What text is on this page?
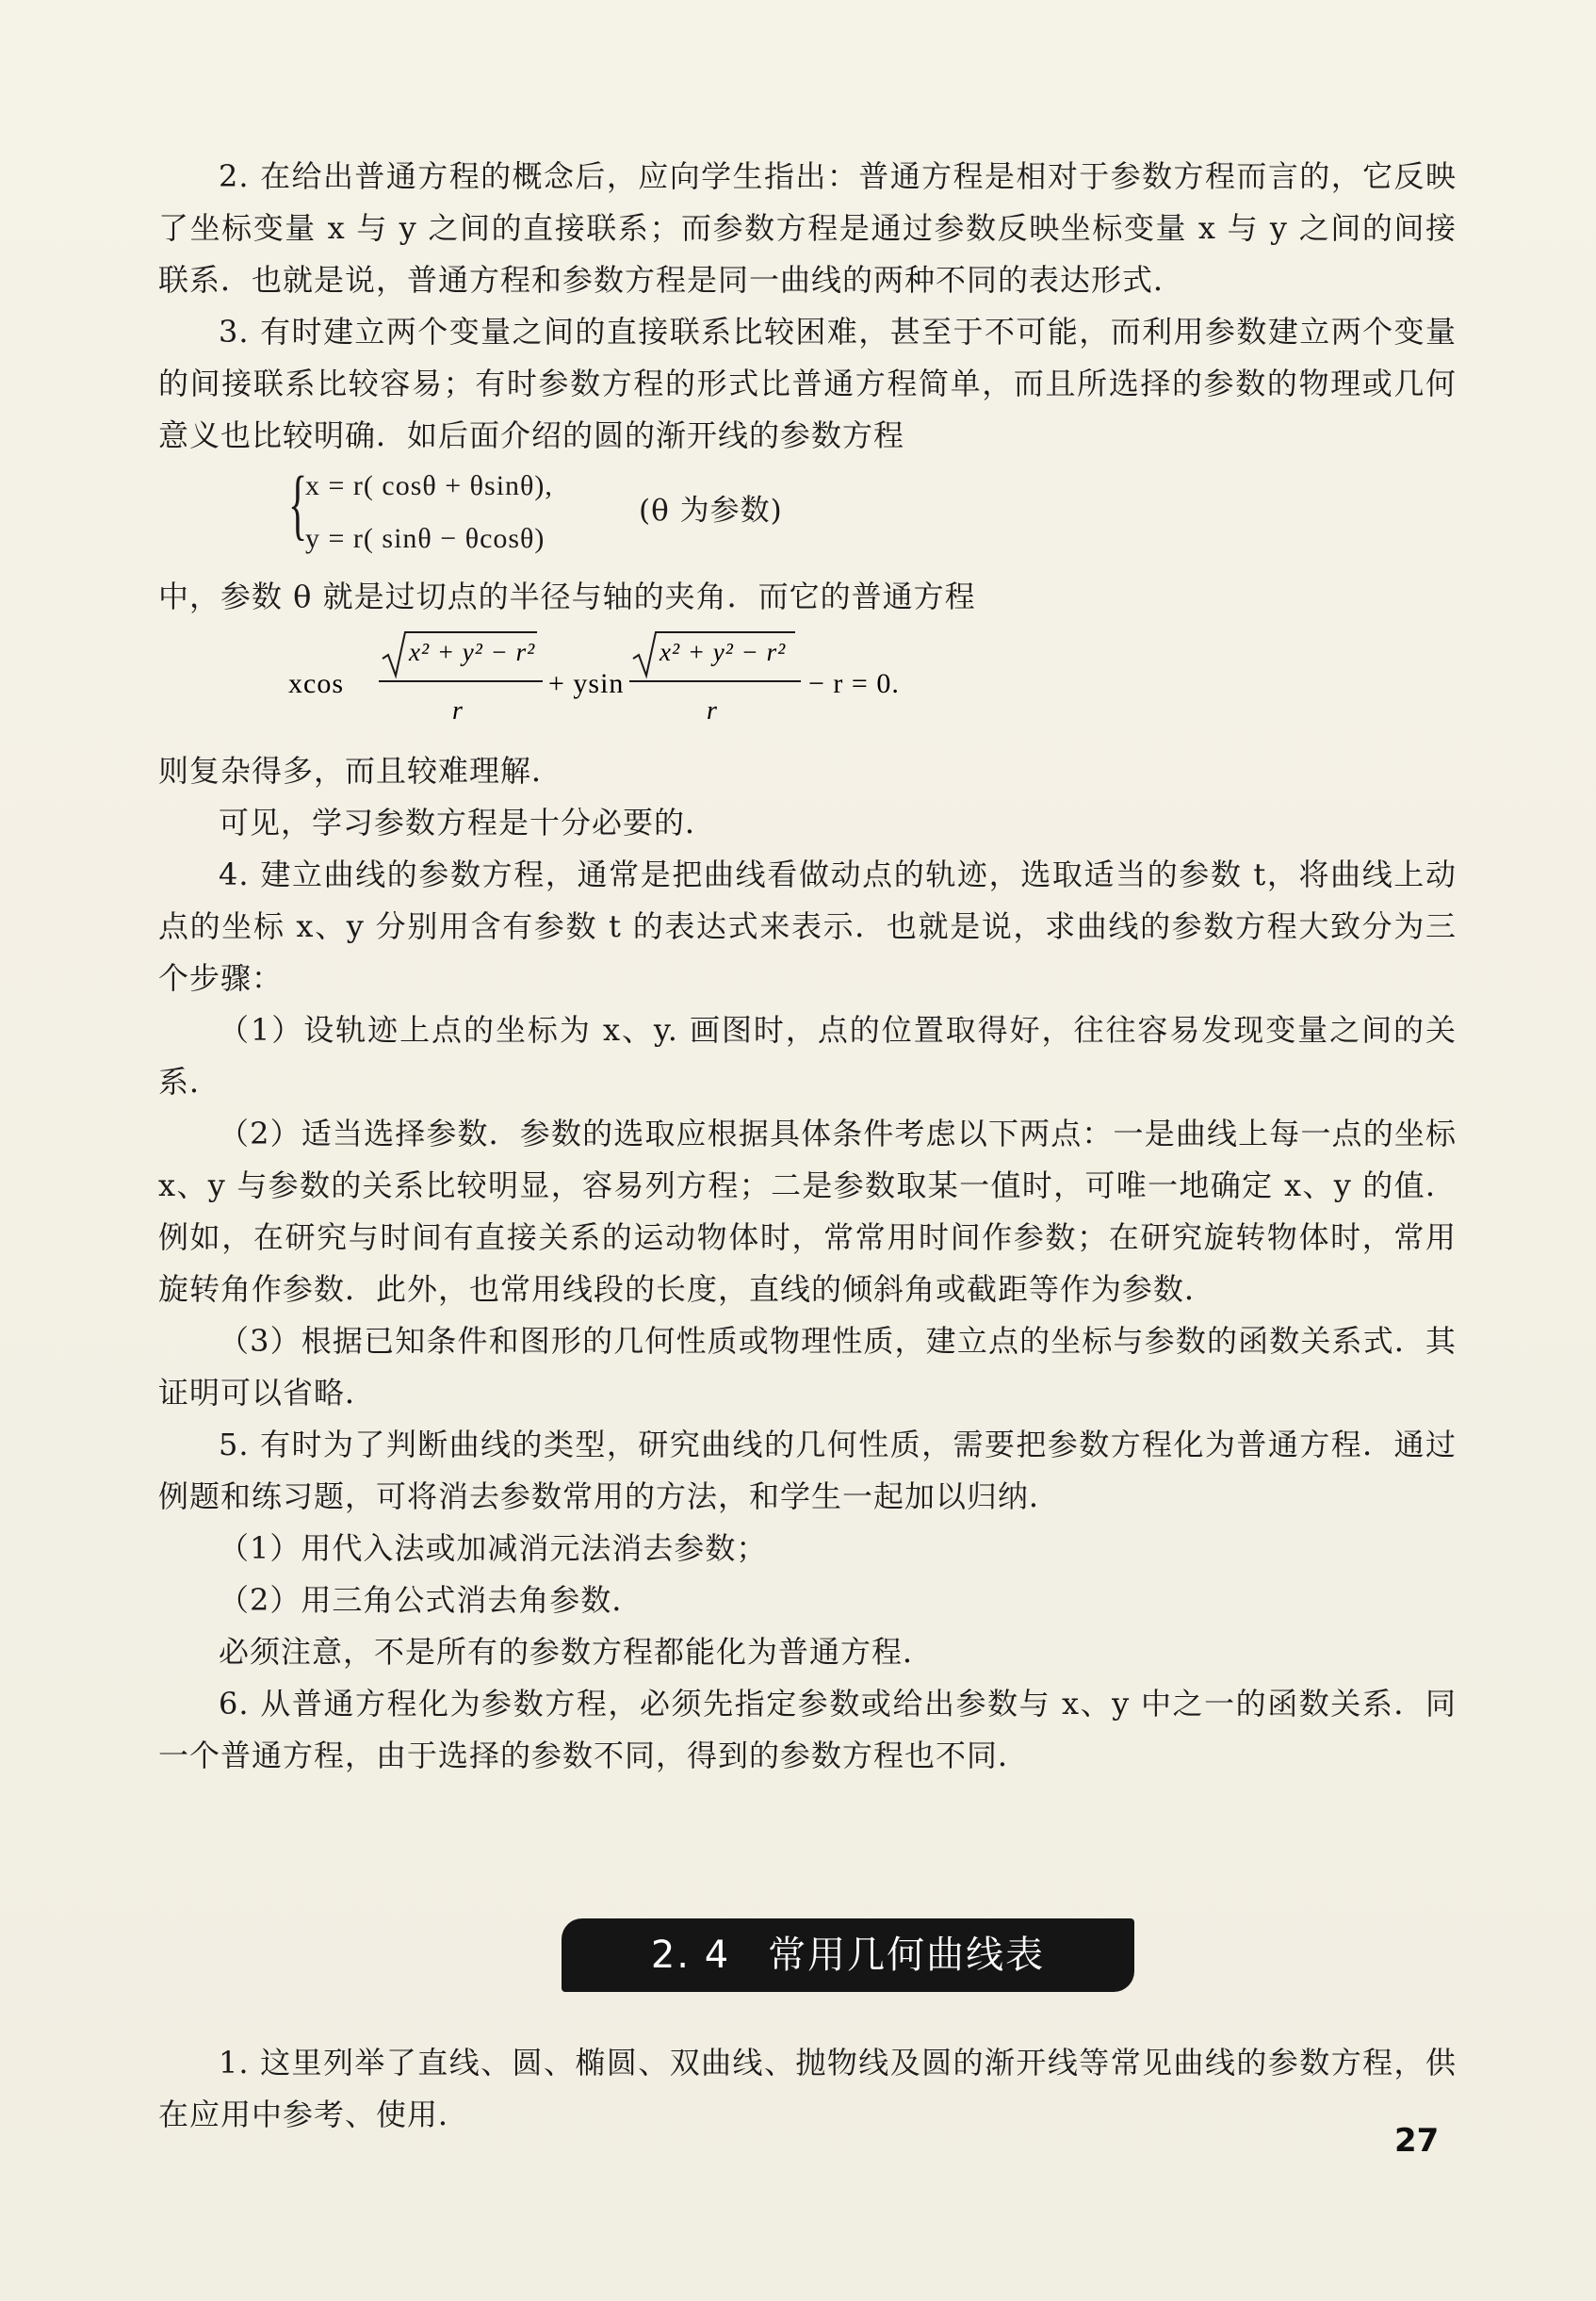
2. 在给出普通方程的概念后，应向学生指出：普通方程是相对于参数方程而言的，它反映了坐标变量 x 与 y 之间的直接联系；而参数方程是通过参数反映坐标变量 x 与 y 之间的间接联系．也就是说，普通方程和参数方程是同一曲线的两种不同的表达形式．

3. 有时建立两个变量之间的直接联系比较困难，甚至于不可能，而利用参数建立两个变量的间接联系比较容易；有时参数方程的形式比普通方程简单，而且所选择的参数的物理或几何意义也比较明确．如后面介绍的圆的渐开线的参数方程

{
x = r( cosθ + θsinθ),
y = r( sinθ − θcosθ)
(θ 为参数)

中，参数 θ 就是过切点的半径与轴的夹角．而它的普通方程

xcos
x² + y² − r²
r
+ ysin
x² + y² − r²
r
− r = 0.

则复杂得多，而且较难理解．

可见，学习参数方程是十分必要的．

4. 建立曲线的参数方程，通常是把曲线看做动点的轨迹，选取适当的参数 t，将曲线上动点的坐标 x、y 分别用含有参数 t 的表达式来表示．也就是说，求曲线的参数方程大致分为三个步骤：

（1）设轨迹上点的坐标为 x、y. 画图时，点的位置取得好，往往容易发现变量之间的关系．

（2）适当选择参数．参数的选取应根据具体条件考虑以下两点：一是曲线上每一点的坐标 x、y 与参数的关系比较明显，容易列方程；二是参数取某一值时，可唯一地确定 x、y 的值．例如，在研究与时间有直接关系的运动物体时，常常用时间作参数；在研究旋转物体时，常用旋转角作参数．此外，也常用线段的长度，直线的倾斜角或截距等作为参数．

（3）根据已知条件和图形的几何性质或物理性质，建立点的坐标与参数的函数关系式．其证明可以省略．

5. 有时为了判断曲线的类型，研究曲线的几何性质，需要把参数方程化为普通方程．通过例题和练习题，可将消去参数常用的方法，和学生一起加以归纳．

（1）用代入法或加减消元法消去参数；

（2）用三角公式消去角参数．

必须注意，不是所有的参数方程都能化为普通方程．

6. 从普通方程化为参数方程，必须先指定参数或给出参数与 x、y 中之一的函数关系．同一个普通方程，由于选择的参数不同，得到的参数方程也不同．

2. 4 常用几何曲线表

1. 这里列举了直线、圆、椭圆、双曲线、抛物线及圆的渐开线等常见曲线的参数方程，供在应用中参考、使用．

27
